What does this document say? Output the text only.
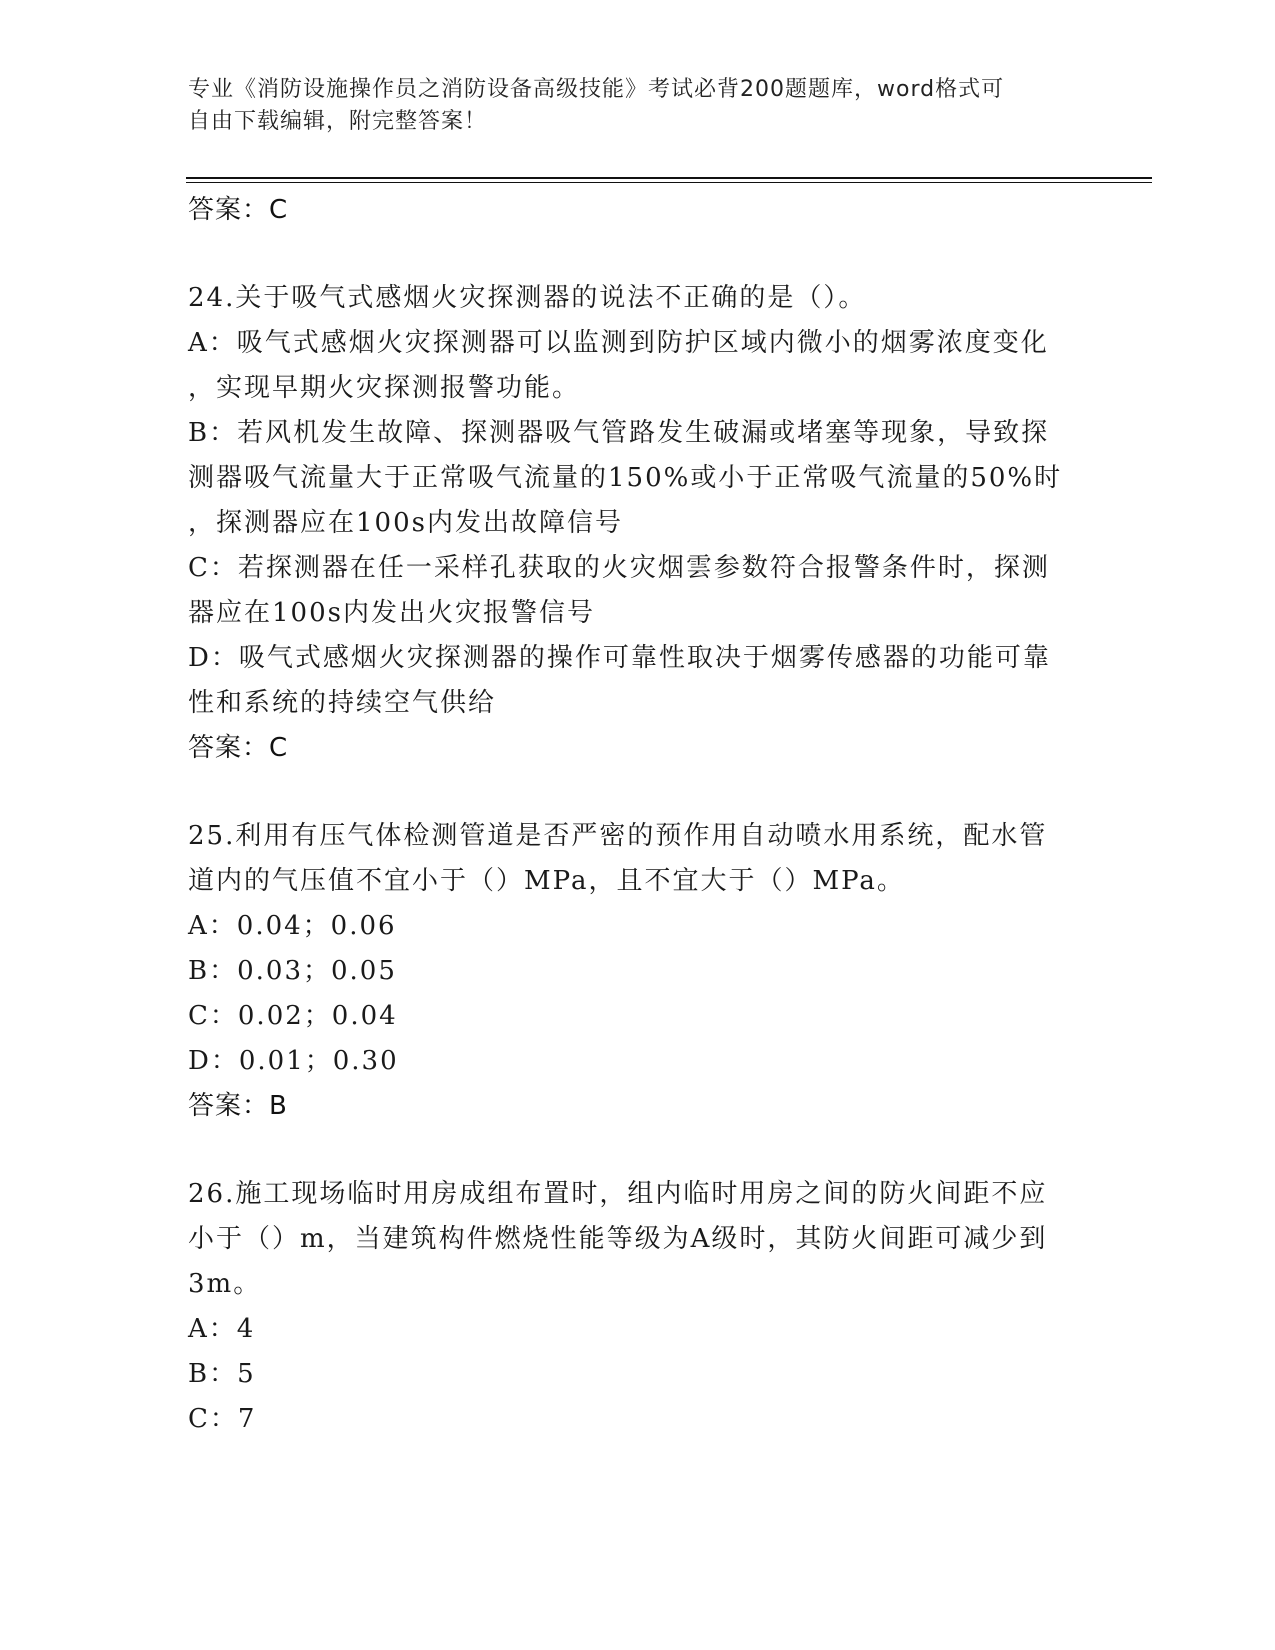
专业《消防设施操作员之消防设备高级技能》考试必背200题题库，word格式可
自由下载编辑，附完整答案！
答案：C
24.关于吸气式感烟火灾探测器的说法不正确的是（）。
A：吸气式感烟火灾探测器可以监测到防护区域内微小的烟雾浓度变化
，实现早期火灾探测报警功能。
B：若风机发生故障、探测器吸气管路发生破漏或堵塞等现象，导致探
测器吸气流量大于正常吸气流量的150%或小于正常吸气流量的50%时
，探测器应在100s内发出故障信号
C：若探测器在任一采样孔获取的火灾烟雲参数符合报警条件时，探测
器应在100s内发出火灾报警信号
D：吸气式感烟火灾探测器的操作可靠性取决于烟雾传感器的功能可靠
性和系统的持续空气供给
答案：C
25.利用有压气体检测管道是否严密的预作用自动喷水用系统，配水管
道内的气压值不宜小于（）MPa，且不宜大于（）MPa。
A：0.04；0.06
B：0.03；0.05
C：0.02；0.04
D：0.01；0.30
答案：B
26.施工现场临时用房成组布置时，组内临时用房之间的防火间距不应
小于（）m，当建筑构件燃烧性能等级为A级时，其防火间距可减少到
3m。
A：4
B：5
C：7
